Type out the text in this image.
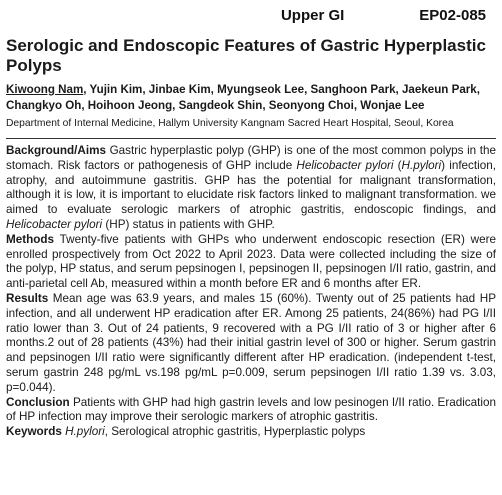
Upper GI	EP02-085
Serologic and Endoscopic Features of Gastric Hyperplastic Polyps

Kiwoong Nam, Yujin Kim, Jinbae Kim, Myungseok Lee, Sanghoon Park, Jaekeun Park, Changkyo Oh, Hoihoon Jeong, Sangdeok Shin, Seonyong Choi, Wonjae Lee

Department of Internal Medicine, Hallym University Kangnam Sacred Heart Hospital, Seoul, Korea

Background/Aims Gastric hyperplastic polyp (GHP) is one of the most common polyps in the stomach. Risk factors or pathogenesis of GHP include Helicobacter pylori (H.pylori) infection, atrophy, and autoimmune gastritis. GHP has the potential for malignant transformation, although it is low, it is important to elucidate risk factors linked to malignant transformation. we aimed to evaluate serologic markers of atrophic gastritis, endoscopic findings, and Helicobacter pylori (HP) status in patients with GHP.

Methods Twenty-five patients with GHPs who underwent endoscopic resection (ER) were enrolled prospectively from Oct 2022 to April 2023. Data were collected including the size of the polyp, HP status, and serum pepsinogen I, pepsinogen II, pepsinogen I/II ratio, gastrin, and anti-parietal cell Ab, measured within a month before ER and 6 months after ER.

Results Mean age was 63.9 years, and males 15 (60%). Twenty out of 25 patients had HP infection, and all underwent HP eradication after ER. Among 25 patients, 24(86%) had PG I/II ratio lower than 3. Out of 24 patients, 9 recovered with a PG I/II ratio of 3 or higher after 6 months.2 out of 28 patients (43%) had their initial gastrin level of 300 or higher. Serum gastrin and pepsinogen I/II ratio were significantly different after HP eradication. (independent t-test, serum gastrin 248 pg/mL vs.198 pg/mL p=0.009, serum pepsinogen I/II ratio 1.39 vs. 3.03, p=0.044).

Conclusion Patients with GHP had high gastrin levels and low pesinogen I/II ratio. Eradication of HP infection may improve their serologic markers of atrophic gastritis.

Keywords H.pylori, Serological atrophic gastritis, Hyperplastic polyps
